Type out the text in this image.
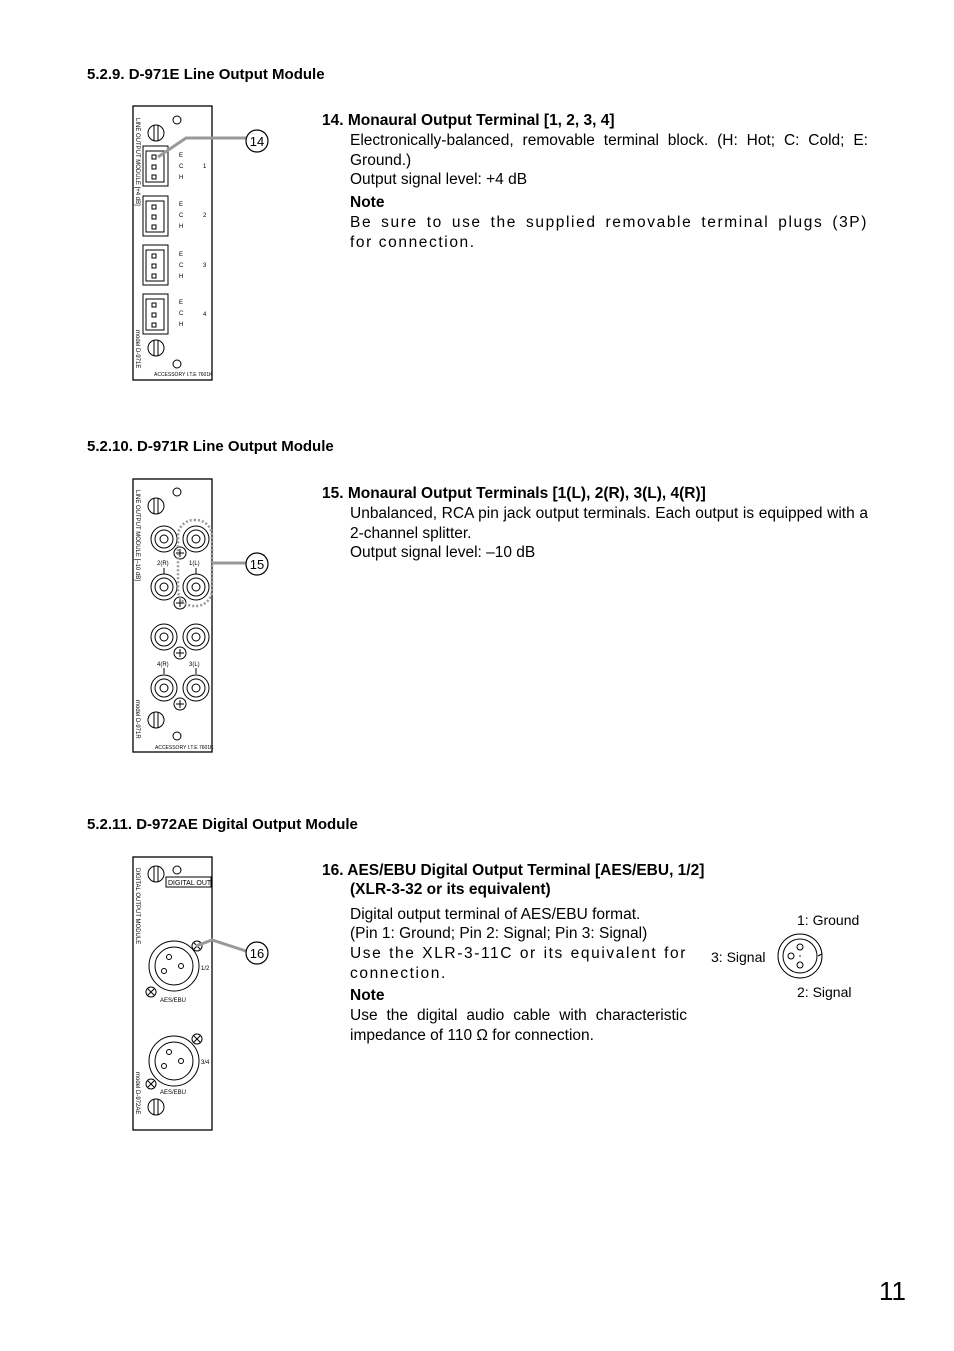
5.2.9. D-971E Line Output Module
LINE OUTPUT MODULE [+4 dB]
model D-971E
ACCESSORY I.T.E 7601K
E
C
H
E
C
H
E
C
H
E
C
H
1
2
3
4
14
14. Monaural Output Terminal [1, 2, 3, 4]
Electronically-balanced, removable terminal block. (H: Hot; C: Cold; E: Ground.)
Output signal level: +4 dB
Note
Be sure to use the supplied removable terminal plugs (3P) for connection.
5.2.10. D-971R Line Output Module
LINE OUTPUT MODULE [–10 dB]
model D-971R
ACCESSORY I.T.E 7601K
2(R)	1(L)
4(R)	3(L)
15
15. Monaural Output Terminals [1(L), 2(R), 3(L), 4(R)]
Unbalanced, RCA pin jack output terminals. Each output is equipped with a 2-channel splitter.
Output signal level: –10 dB
5.2.11. D-972AE Digital Output Module
DIGITAL OUT
DIGITAL OUTPUT MODULE
model D-972AE
1/2
AES/EBU
3/4
AES/EBU
16
16. AES/EBU Digital Output Terminal [AES/EBU, 1/2]
(XLR-3-32 or its equivalent)
Digital output terminal of AES/EBU format.
(Pin 1: Ground; Pin 2: Signal; Pin 3: Signal)
Use the XLR-3-11C or its equivalent for connection.
Note
Use the digital audio cable with characteristic impedance of 110 Ω for connection.
1: Ground
2: Signal
3: Signal
11
